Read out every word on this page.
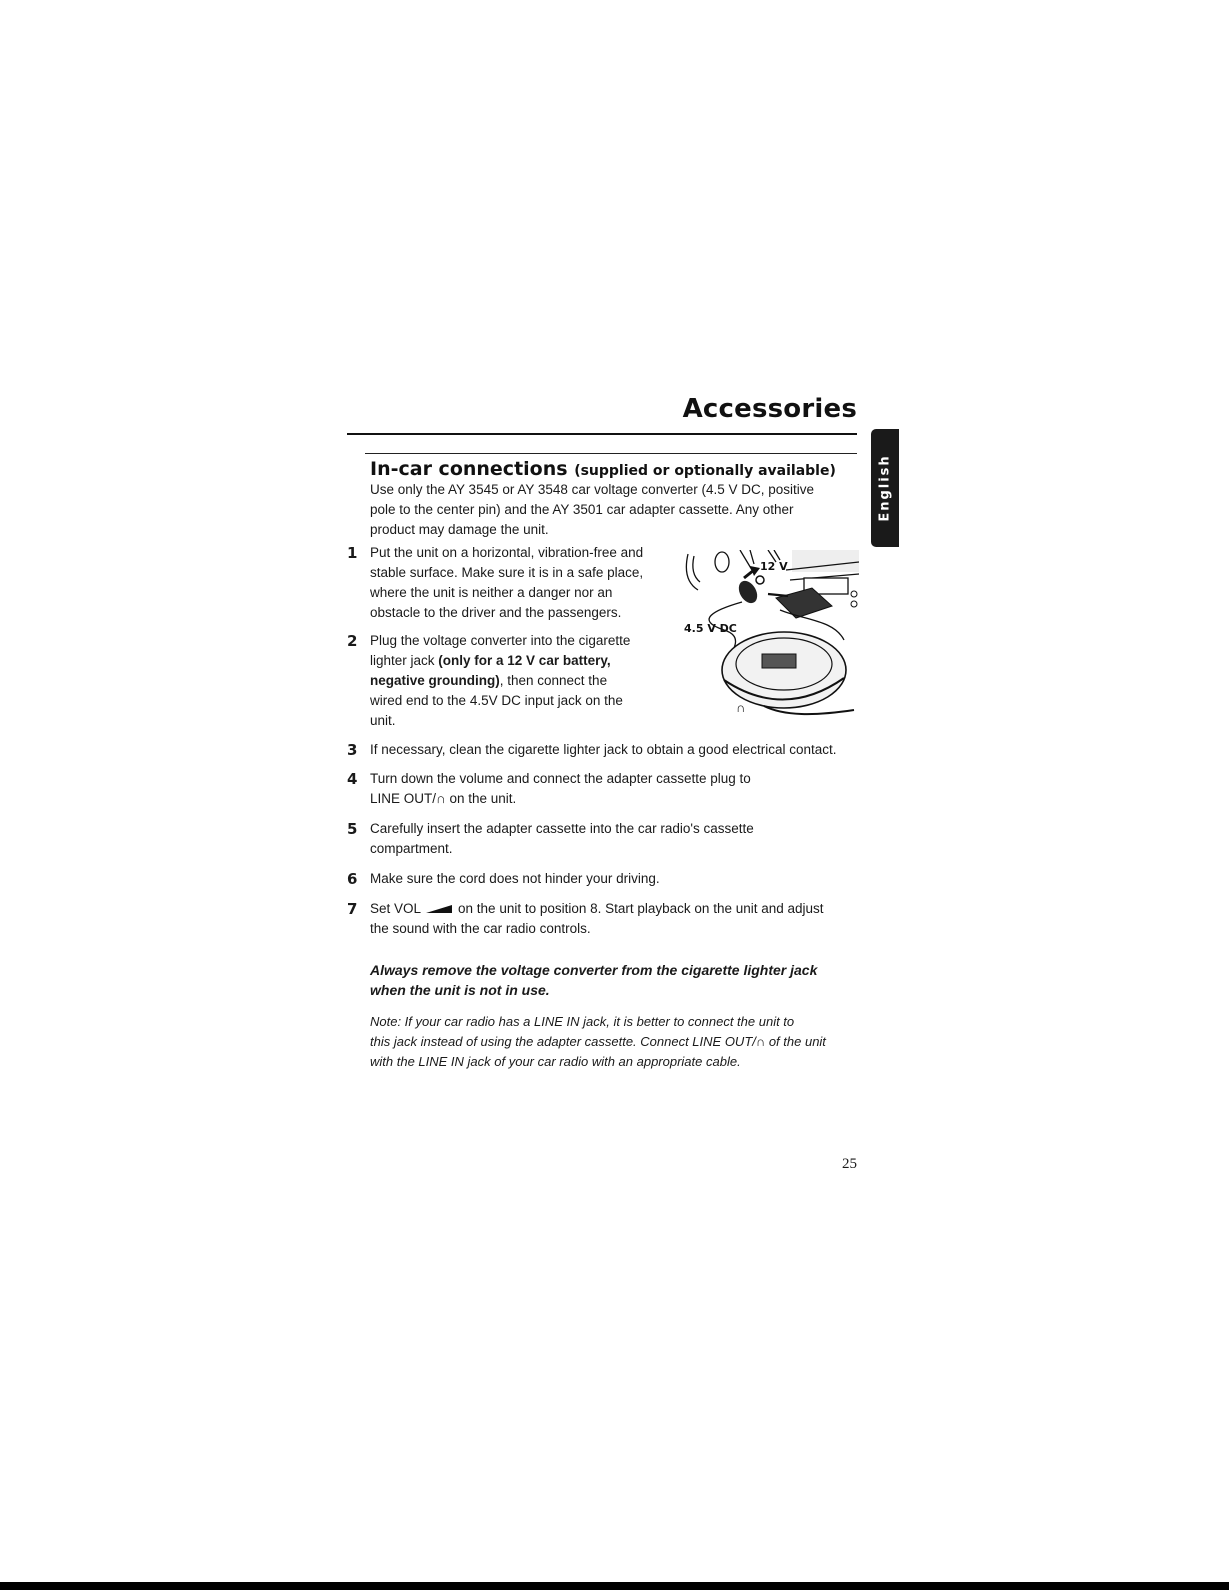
Accessories
English
In-car connections (supplied or optionally available)
Use only the AY 3545 or AY 3548 car voltage converter (4.5 V DC, positive
pole to the center pin) and the AY 3501 car adapter cassette. Any other
product may damage the unit.
1 Put the unit on a horizontal, vibration-free and
stable surface. Make sure it is in a safe place,
where the unit is neither a danger nor an
obstacle to the driver and the passengers.
2 Plug the voltage converter into the cigarette
lighter jack (only for a 12 V car battery,
negative grounding), then connect the
wired end to the 4.5V DC input jack on the
unit.
12 V
4.5 V DC
∩
3 If necessary, clean the cigarette lighter jack to obtain a good electrical contact.
4 Turn down the volume and connect the adapter cassette plug to
LINE OUT/∩ on the unit.
5 Carefully insert the adapter cassette into the car radio's cassette
compartment.
6 Make sure the cord does not hinder your driving.
7 Set VOL  on the unit to position 8. Start playback on the unit and adjust
the sound with the car radio controls.
Always remove the voltage converter from the cigarette lighter jack
when the unit is not in use.
Note: If your car radio has a LINE IN jack, it is better to connect the unit to
this jack instead of using the adapter cassette. Connect LINE OUT/∩ of the unit
with the LINE IN jack of your car radio with an appropriate cable.
25
